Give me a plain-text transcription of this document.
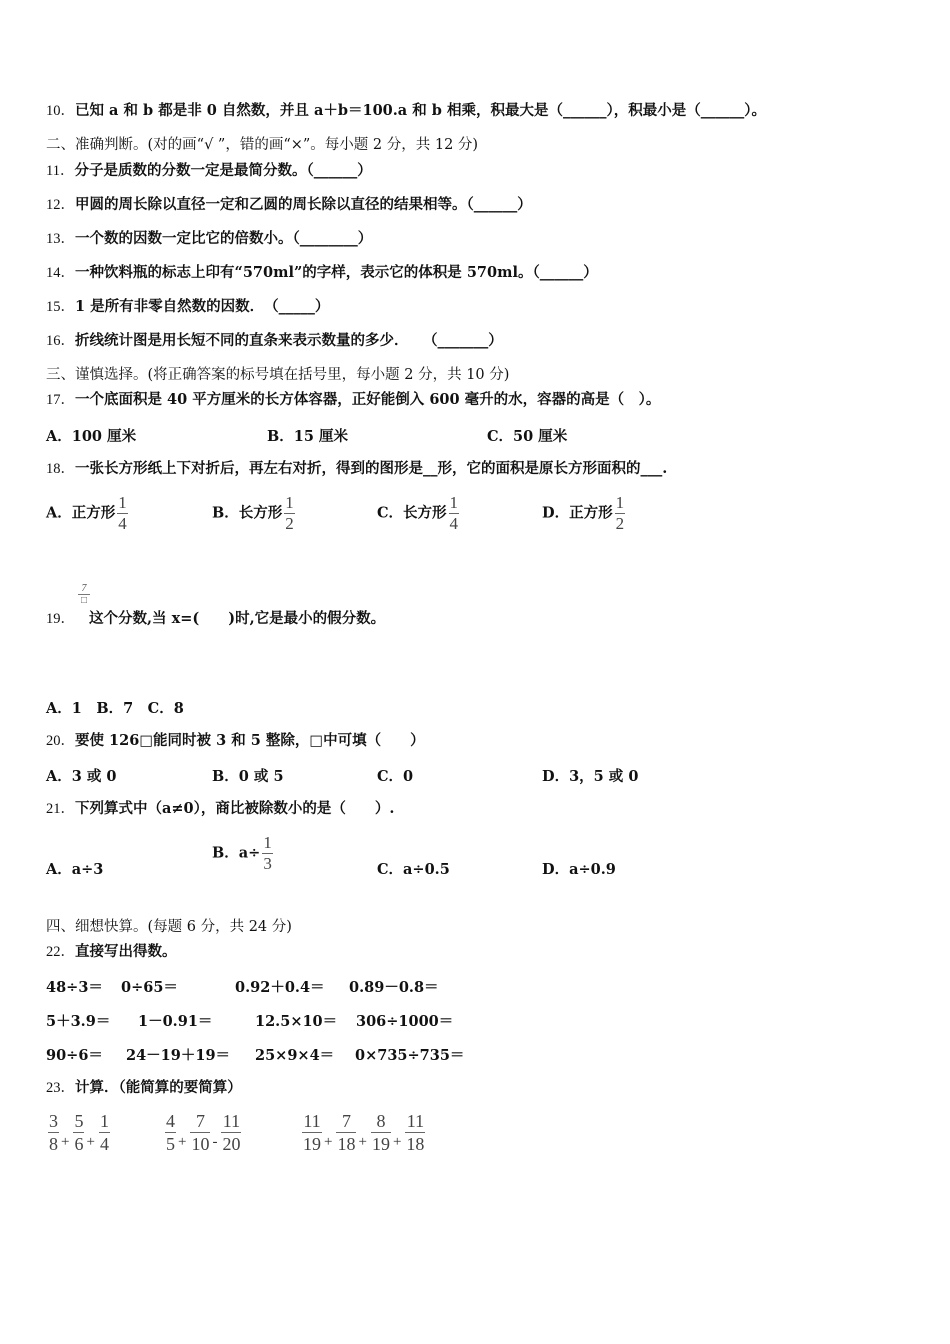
10．已知 a 和 b 都是非 0 自然数，并且 a＋b＝100.a 和 b 相乘，积最大是（______），积最小是（______）。
二、准确判断。(对的画“√ ”，错的画“×”。每小题 2 分，共 12 分)
11．分子是质数的分数一定是最简分数。（______）
12．甲圆的周长除以直径一定和乙圆的周长除以直径的结果相等。（______）
13．一个数的因数一定比它的倍数小。（________）
14．一种饮料瓶的标志上印有“570ml”的字样，表示它的体积是 570ml。（______）
15．1 是所有非零自然数的因数．　（_____）
16．折线统计图是用长短不同的直条来表示数量的多少．　　（_______）
三、谨慎选择。(将正确答案的标号填在括号里，每小题 2 分，共 10 分)
17．一个底面积是 40 平方厘米的长方体容器，正好能倒入 600 毫升的水，容器的高是（　）。
A．100 厘米	B．15 厘米	C．50 厘米
18．一张长方形纸上下对折后，再左右对折，得到的图形是__形，它的面积是原长方形面积的___.
A．正方形 $\frac{1}{4}$	B．长方形 $\frac{1}{2}$	C．长方形 $\frac{1}{4}$	D．正方形 $\frac{1}{2}$
7
□
19． 这个分数,当 x=(　　)时,它是最小的假分数。
A．1　B．7　C．8
20．要使 126□能同时被 3 和 5 整除，□中可填（　　）
A．3 或 0	B．0 或 5	C．0	D．3，5 或 0
21．下列算式中（a≠0），商比被除数小的是（　　）.
A．a÷3
B．$a\div \frac{1}{3}$	C．a÷0.5	D．a÷0.9
四、细想快算。(每题 6 分，共 24 分)
22．直接写出得数。
48÷3＝ 0÷65＝	0.92＋0.4＝ 0.89－0.8＝
5＋3.9＝ 1－0.91＝	12.5×10＝ 306÷1000＝
90÷6＝ 24－19＋19＝ 25×9×4＝ 0×735÷735＝
23．计算．（能简算的要简算）
$\frac{3}{8} + \frac{5}{6} + \frac{1}{4}$	$\frac{4}{5} + \frac{7}{10} - \frac{11}{20}$	$\frac{11}{19} + \frac{7}{18} + \frac{8}{19} + \frac{11}{18}$
